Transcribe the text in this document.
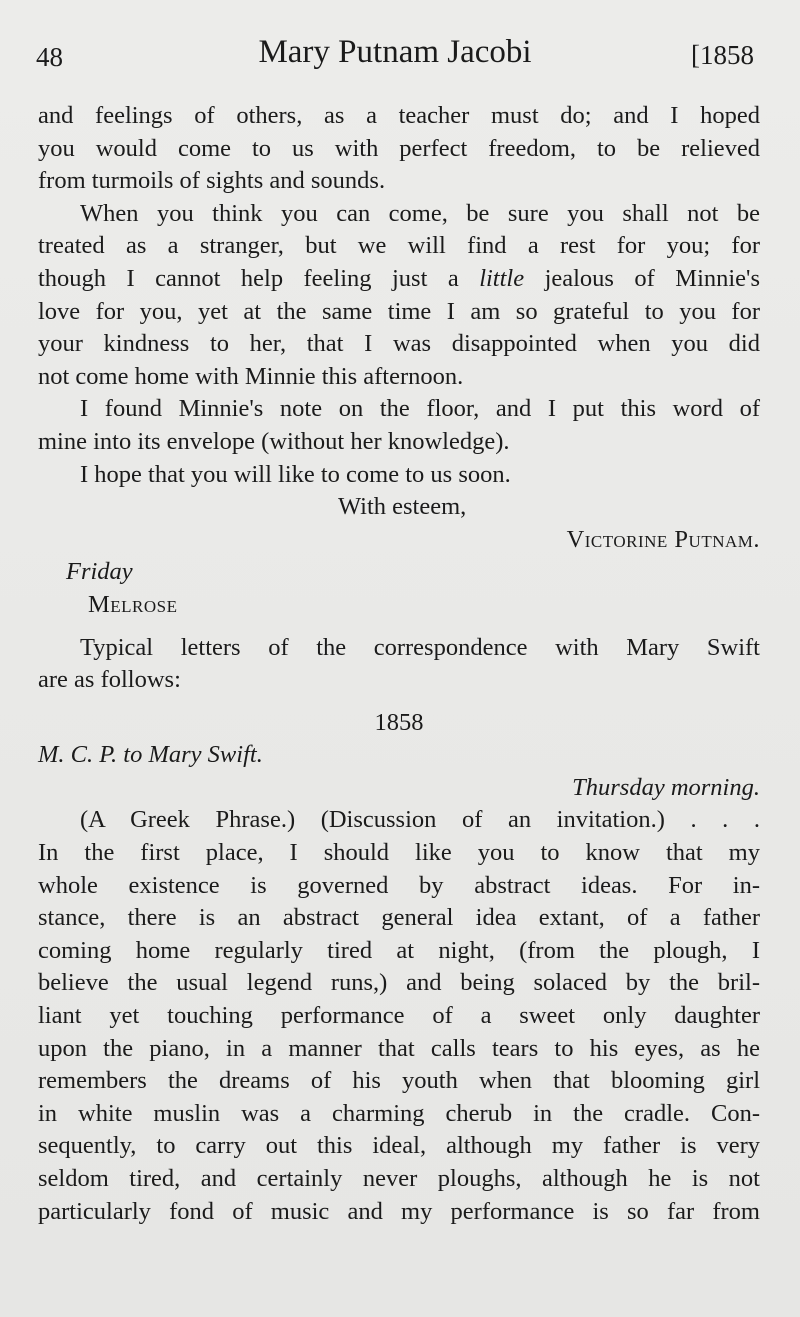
48	Mary Putnam Jacobi	[1858
and feelings of others, as a teacher must do; and I hoped
you would come to us with perfect freedom, to be relieved
from turmoils of sights and sounds.
When you think you can come, be sure you shall not be
treated as a stranger, but we will find a rest for you; for
though I cannot help feeling just a little jealous of Minnie's
love for you, yet at the same time I am so grateful to you for
your kindness to her, that I was disappointed when you did
not come home with Minnie this afternoon.
I found Minnie's note on the floor, and I put this word of
mine into its envelope (without her knowledge).
I hope that you will like to come to us soon.
With esteem,
Victorine Putnam.
Friday
Melrose
Typical letters of the correspondence with Mary Swift
are as follows:
1858
M. C. P. to Mary Swift.
Thursday morning.
(A Greek Phrase.) (Discussion of an invitation.) . . .
In the first place, I should like you to know that my
whole existence is governed by abstract ideas. For in-
stance, there is an abstract general idea extant, of a father
coming home regularly tired at night, (from the plough, I
believe the usual legend runs,) and being solaced by the bril-
liant yet touching performance of a sweet only daughter
upon the piano, in a manner that calls tears to his eyes, as he
remembers the dreams of his youth when that blooming girl
in white muslin was a charming cherub in the cradle. Con-
sequently, to carry out this ideal, although my father is very
seldom tired, and certainly never ploughs, although he is not
particularly fond of music and my performance is so far from
